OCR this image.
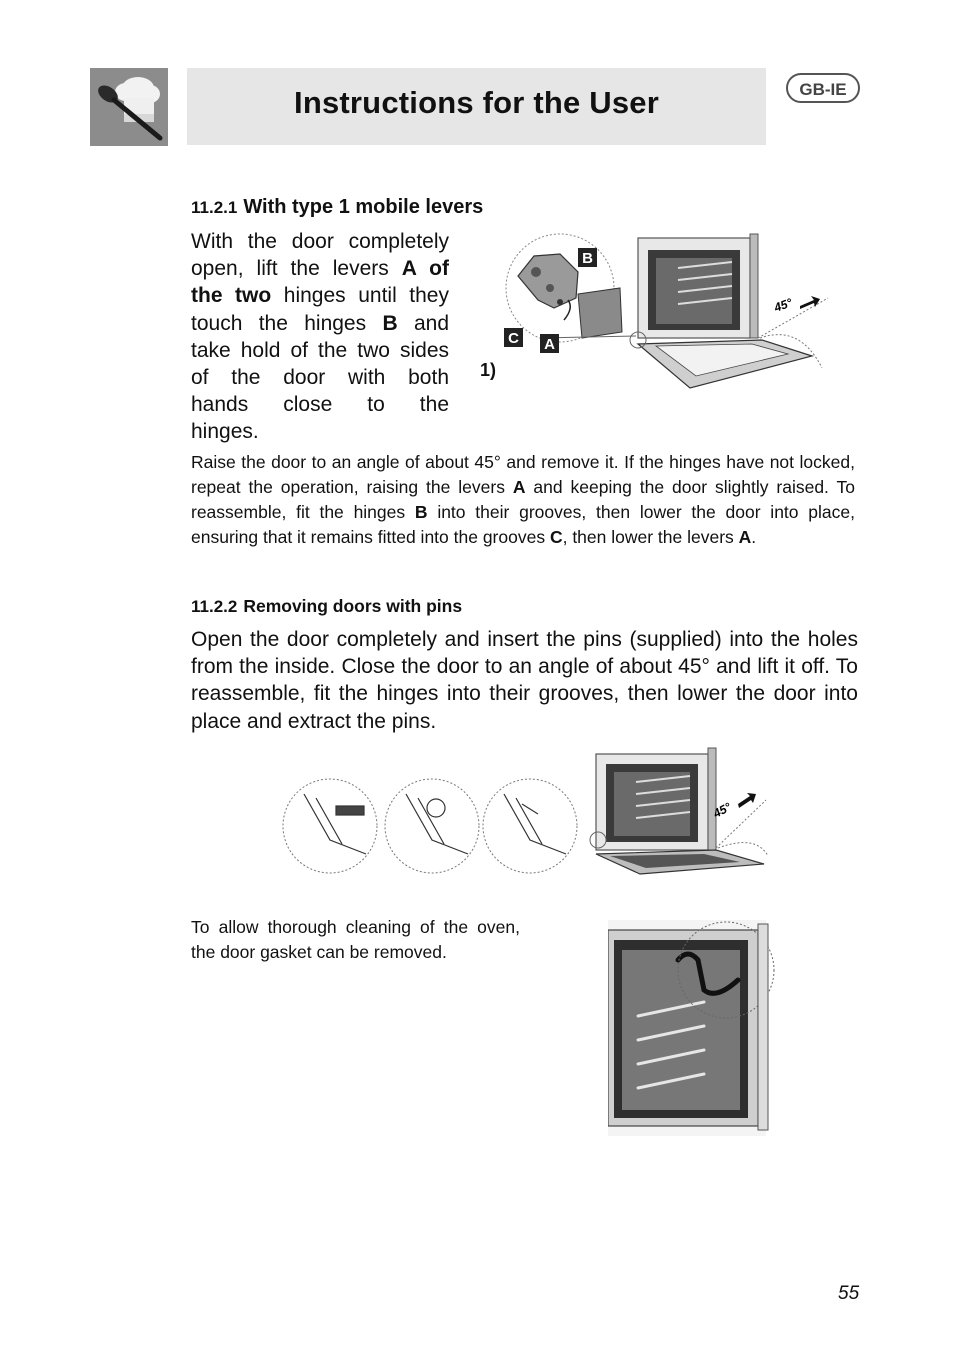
Instructions for the User	GB-IE
11.2.1 With type 1 mobile levers
With the door completely
open, lift the levers A of
the two hinges until they
touch the hinges B and
take hold of the two sides
of the door with both
hands close to the
hinges.
B
C A
45°
1)
Raise the door to an angle of about 45° and remove it. If the hinges have not locked, repeat the operation, raising the levers A and keeping the door slightly raised. To reassemble, fit the hinges B into their grooves, then lower the door into place, ensuring that it remains fitted into the grooves C, then lower the levers A.
11.2.2 Removing doors with pins
Open the door completely and insert the pins (supplied) into the holes from the inside. Close the door to an angle of about 45° and lift it off. To reassemble, fit the hinges into their grooves, then lower the door into place and extract the pins.
45°
To allow thorough cleaning of the oven, the door gasket can be removed.
55
